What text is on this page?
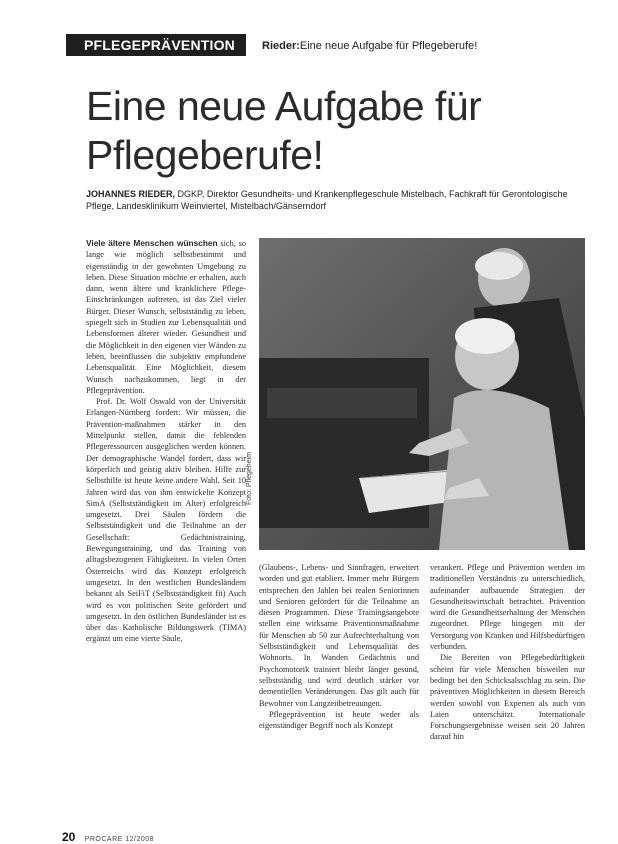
PFLEGEPRÄVENTION Rieder:Eine neue Aufgabe für Pflegeberufe!
Eine neue Aufgabe für Pflegeberufe!
JOHANNES RIEDER, DGKP, Direktor Gesundheits- und Krankenpflegeschule Mistelbach, Fachkraft für Gerontologische Pflege, Landesklinikum Weinviertel, Mistelbach/Gänserndorf

Viele ältere Menschen wünschen sich, so lange wie möglich selbstbestimmt und eigenständig in der gewohnten Umgebung zu leben. Diese Situation möchte er erhalten, auch dann, wenn ältere und kranklichere Pflege- Einschränkungen auftreten, ist das Ziel vieler Bürger. Dieser Wunsch, selbstständig zu leben, spiegelt sich in Studien zur Lebensqualität und Lebensformen älterer wieder. Gesundheit und die Möglichkeit in den eigenen vier Wänden zu leben, beeinflussen die subjektiv empfundene Lebensqualität. Eine Möglichkeit, diesem Wunsch nachzukommen, liegt in der Pflegeprävention.

Prof. Dr. Wolf Oswald von der Universität Erlangen-Nürnberg fordert: Wir müssen, die Prävention-maßnahmen stärker in den Mittelpunkt stellen, damit die fehlenden Pflegeressourcen ausgeglichen werden können. Der demographische Wandel fordert, dass wir körperlich und geistig aktiv bleiben. Hilfe zur Selbsthilfe ist heute keine andere Wahl. Seit 10 Jahren wird das von ihm entwickelte Konzept SimA (Selbstständigkeit im Alter) erfolgreich umgesetzt. Drei Säulen fördern die Selbstständigkeit und die Teilnahme an der Gesellschaft: Gedächtnistraining, Bewegungstraining, und das Training von alltagsbezogenen Fähigkeiten. In vielen Orten Österreichs wird das Konzept erfolgreich umgesetzt. In den westlichen Bundesländern bekannt als SeiFiT (Selbstständigkeit fit) Auch wird es von politischen Seite gefördert und umgesetzt. In den östlichen Bundesländer ist es über das Katholische Bildungswerk (TIMA) ergänzt um eine vierte Säule,

Foto: Pflegeheim

(Glaubens-, Lebens- und Sinnfragen, erweitert worden und gut etabliert. Immer mehr Bürgern entsprechen den Jahlen bei realen Seniorinnen und Senioren gefördert für die Teilnahme an diesen Programmen. Diese Trainingsangebote stellen eine wirksame Präventionsmaßnahme für Menschen ab 50 zur Aufrechterhaltung von Selbstständigkeit und Lebensqualität des Wohnorts. In Wanden Gedächtnis und Psychomotorik trainiert bleibt länger gesund, selbstständig und wird deutlich stärker vor dementiellen Veränderungen. Das gilt auch für Bewohner von Langzeitbetreuungen.

Pflegeprävention ist heute weder als eigenständiger Begriff noch als Konzept

verankert. Pflege und Prävention werden im traditionellen Verständnis zu unterschiedlich, aufeinander aufbauende Strategien der Gesundheitswirtschaft betrachtet. Prävention wird die Gesundheitserhaltung der Menschen zugeordnet. Pflege hingegen mit der Versorgung von Kranken und Hilfsbedürftigen verbunden.

Die Bereiten von Pflegebedürftigkeit scheint für viele Menschen bisweilen nur bedingt bei den Schicksalsschlag zu sein. Die präventiven Möglichkeiten in diesem Bereich werden sowohl von Experten als auch von Laien unterschätzt. Internationale Forschungsergebnisse weisen seit 20 Jahren darauf hin

20 PROCARE 12/2008
